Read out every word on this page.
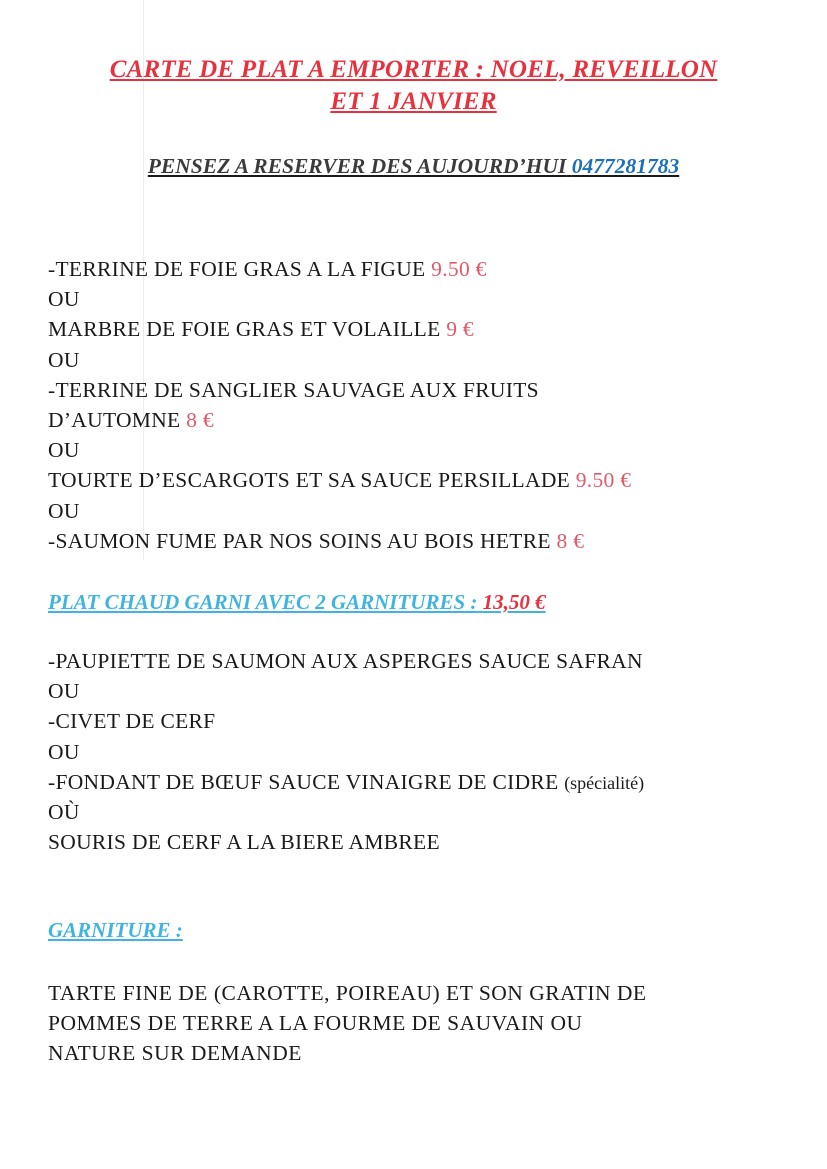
CARTE DE PLAT A EMPORTER : NOEL, REVEILLON
ET 1 JANVIER
PENSEZ A RESERVER DES AUJOURD’HUI 0477281783
-TERRINE DE FOIE GRAS A LA FIGUE 9.50 €
OU
MARBRE DE FOIE GRAS ET VOLAILLE 9 €
OU
-TERRINE DE SANGLIER SAUVAGE AUX FRUITS
D’AUTOMNE 8 €
OU
TOURTE D’ESCARGOTS ET SA SAUCE PERSILLADE 9.50 €
OU
-SAUMON FUME PAR NOS SOINS AU BOIS HETRE 8 €
PLAT CHAUD GARNI AVEC 2 GARNITURES : 13,50 €
-PAUPIETTE DE SAUMON AUX ASPERGES SAUCE SAFRAN
OU
-CIVET DE CERF
OU
-FONDANT DE BŒUF SAUCE VINAIGRE DE CIDRE (spécialité)
OÙ
SOURIS DE CERF A LA BIERE AMBREE
GARNITURE :
TARTE FINE DE (CAROTTE, POIREAU) ET SON GRATIN DE
POMMES DE TERRE A LA FOURME DE SAUVAIN OU
NATURE SUR DEMANDE
